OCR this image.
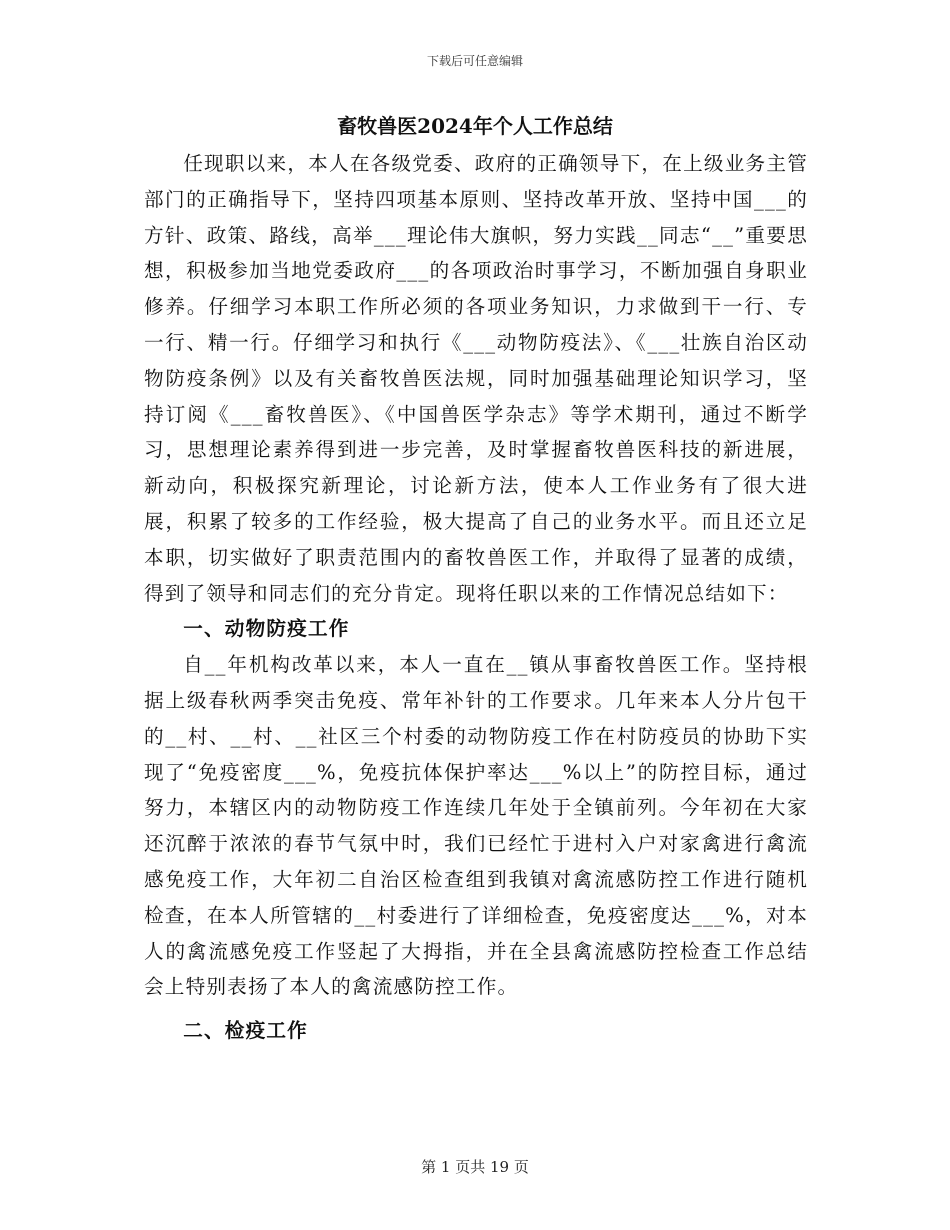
下载后可任意编辑
畜牧兽医2024年个人工作总结

任现职以来，本人在各级党委、政府的正确领导下，在上级业务主管部门的正确指导下，坚持四项基本原则、坚持改革开放、坚持中国___的方针、政策、路线，高举___理论伟大旗帜，努力实践__同志“__”重要思想，积极参加当地党委政府___的各项政治时事学习，不断加强自身职业修养。仔细学习本职工作所必须的各项业务知识，力求做到干一行、专一行、精一行。仔细学习和执行《___动物防疫法》、《___壮族自治区动物防疫条例》以及有关畜牧兽医法规，同时加强基础理论知识学习，坚持订阅《___畜牧兽医》、《中国兽医学杂志》等学术期刊，通过不断学习，思想理论素养得到进一步完善，及时掌握畜牧兽医科技的新进展，新动向，积极探究新理论，讨论新方法，使本人工作业务有了很大进展，积累了较多的工作经验，极大提高了自己的业务水平。而且还立足本职，切实做好了职责范围内的畜牧兽医工作，并取得了显著的成绩，得到了领导和同志们的充分肯定。现将任职以来的工作情况总结如下：

一、动物防疫工作

自__年机构改革以来，本人一直在__镇从事畜牧兽医工作。坚持根据上级春秋两季突击免疫、常年补针的工作要求。几年来本人分片包干的__村、__村、__社区三个村委的动物防疫工作在村防疫员的协助下实现了“免疫密度___%，免疫抗体保护率达___%以上”的防控目标，通过努力，本辖区内的动物防疫工作连续几年处于全镇前列。今年初在大家还沉醉于浓浓的春节气氛中时，我们已经忙于进村入户对家禽进行禽流感免疫工作，大年初二自治区检查组到我镇对禽流感防控工作进行随机检查，在本人所管辖的__村委进行了详细检查，免疫密度达___%，对本人的禽流感免疫工作竖起了大拇指，并在全县禽流感防控检查工作总结会上特别表扬了本人的禽流感防控工作。

二、检疫工作

第 1 页共 19 页
